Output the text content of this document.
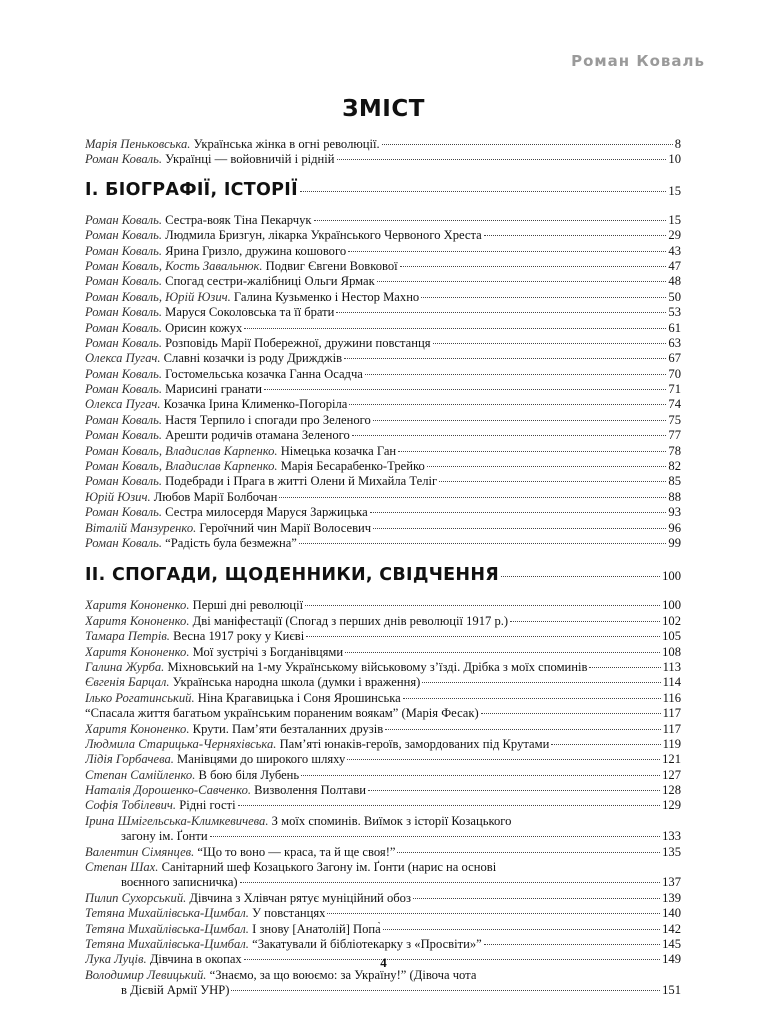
Роман Коваль
ЗМІСТ
Марія Пеньковська. Українська жінка в огні революції.	8
Роман Коваль. Українці — войовничій і рідній	10
І. БІОГРАФІЇ, ІСТОРІЇ	15
Роман Коваль. Сестра-вояк Тіна Пекарчук	15
Роман Коваль. Людмила Бризгун, лікарка Українського Червоного Хреста	29
Роман Коваль. Ярина Гризло, дружина кошового	43
Роман Коваль, Кость Завальнюк. Подвиг Євгени Вовкової	47
Роман Коваль. Спогад сестри-жалібниці Ольги Ярмак	48
Роман Коваль, Юрій Юзич. Галина Кузьменко і Нестор Махно	50
Роман Коваль. Маруся Соколовська та її брати	53
Роман Коваль. Орисин кожух	61
Роман Коваль. Розповідь Марії Побережної, дружини повстанця	63
Олекса Пугач. Славні козачки із роду Дрижджів	67
Роман Коваль. Гостомельська козачка Ганна Осадча	70
Роман Коваль. Марисині гранати	71
Олекса Пугач. Козачка Ірина Клименко-Погоріла	74
Роман Коваль. Настя Терпило і спогади про Зеленого	75
Роман Коваль. Арешти родичів отамана Зеленого	77
Роман Коваль, Владислав Карпенко. Німецька козачка Ган	78
Роман Коваль, Владислав Карпенко. Марія Бесарабенко-Трейко	82
Роман Коваль. Подебради і Прага в житті Олени й Михайла Теліг	85
Юрій Юзич. Любов Марії Болбочан	88
Роман Коваль. Сестра милосердя Маруся Заржицька	93
Віталій Манзуренко. Героїчний чин Марії Волосевич	96
Роман Коваль. “Радість була безмежна”	99
ІІ. СПОГАДИ, ЩОДЕННИКИ, СВІДЧЕННЯ	100
Харитя Кононенко. Перші дні революції	100
Харитя Кононенко. Дві маніфестації (Спогад з перших днів революції 1917 р.)	102
Тамара Петрів. Весна 1917 року у Києві	105
Харитя Кононенко. Мої зустрічі з Богданівцями	108
Галина Журба. Міхновський на 1-му Українському військовому з’їзді. Дрібка з моїх споминів	113
Євгенія Барцал. Українська народна школа (думки і враження)	114
Ілько Рогатинський. Ніна Крагавицька і Соня Ярошинська	116
“Спасала життя багатьом українським пораненим воякам” (Марія Фесак)	117
Харитя Кононенко. Крути. Пам’яти безталанних друзів	117
Людмила Старицька-Черняхівська. Пам’яті юнаків-героїв, замордованих під Крутами	119
Лідія Горбачева. Манівцями до широкого шляху	121
Степан Самійленко. В бою біля Лубень	127
Наталія Дорошенко-Савченко. Визволення Полтави	128
Софія Тобілевич. Рідні гості	129
Ірина Шмігельська-Климкевичева. З моїх споминів. Виїмок з історії Козацького
загону ім. Ґонти	133
Валентин Сімянцев. “Що то воно — краса, та й ще своя!”	135
Степан Шах. Санітарний шеф Козацького Загону ім. Ґонти (нарис на основі
воєнного записничка)	137
Пилип Сухорський. Дівчина з Хлівчан рятує муніційний обоз	139
Тетяна Михайлівська-Цимбал. У повстанцях	140
Тетяна Михайлівська-Цимбал. І знову [Анатолій] Попа̀	142
Тетяна Михайлівська-Цимбал. “Закатували й бібліотекарку з «Просвіти»”	145
Лука Луців. Дівчина в окопах	149
Володимир Левицький. “Знаємо, за що воюємо: за Україну!” (Дівоча чота
в Дієвій Армії УНР)	151
4
